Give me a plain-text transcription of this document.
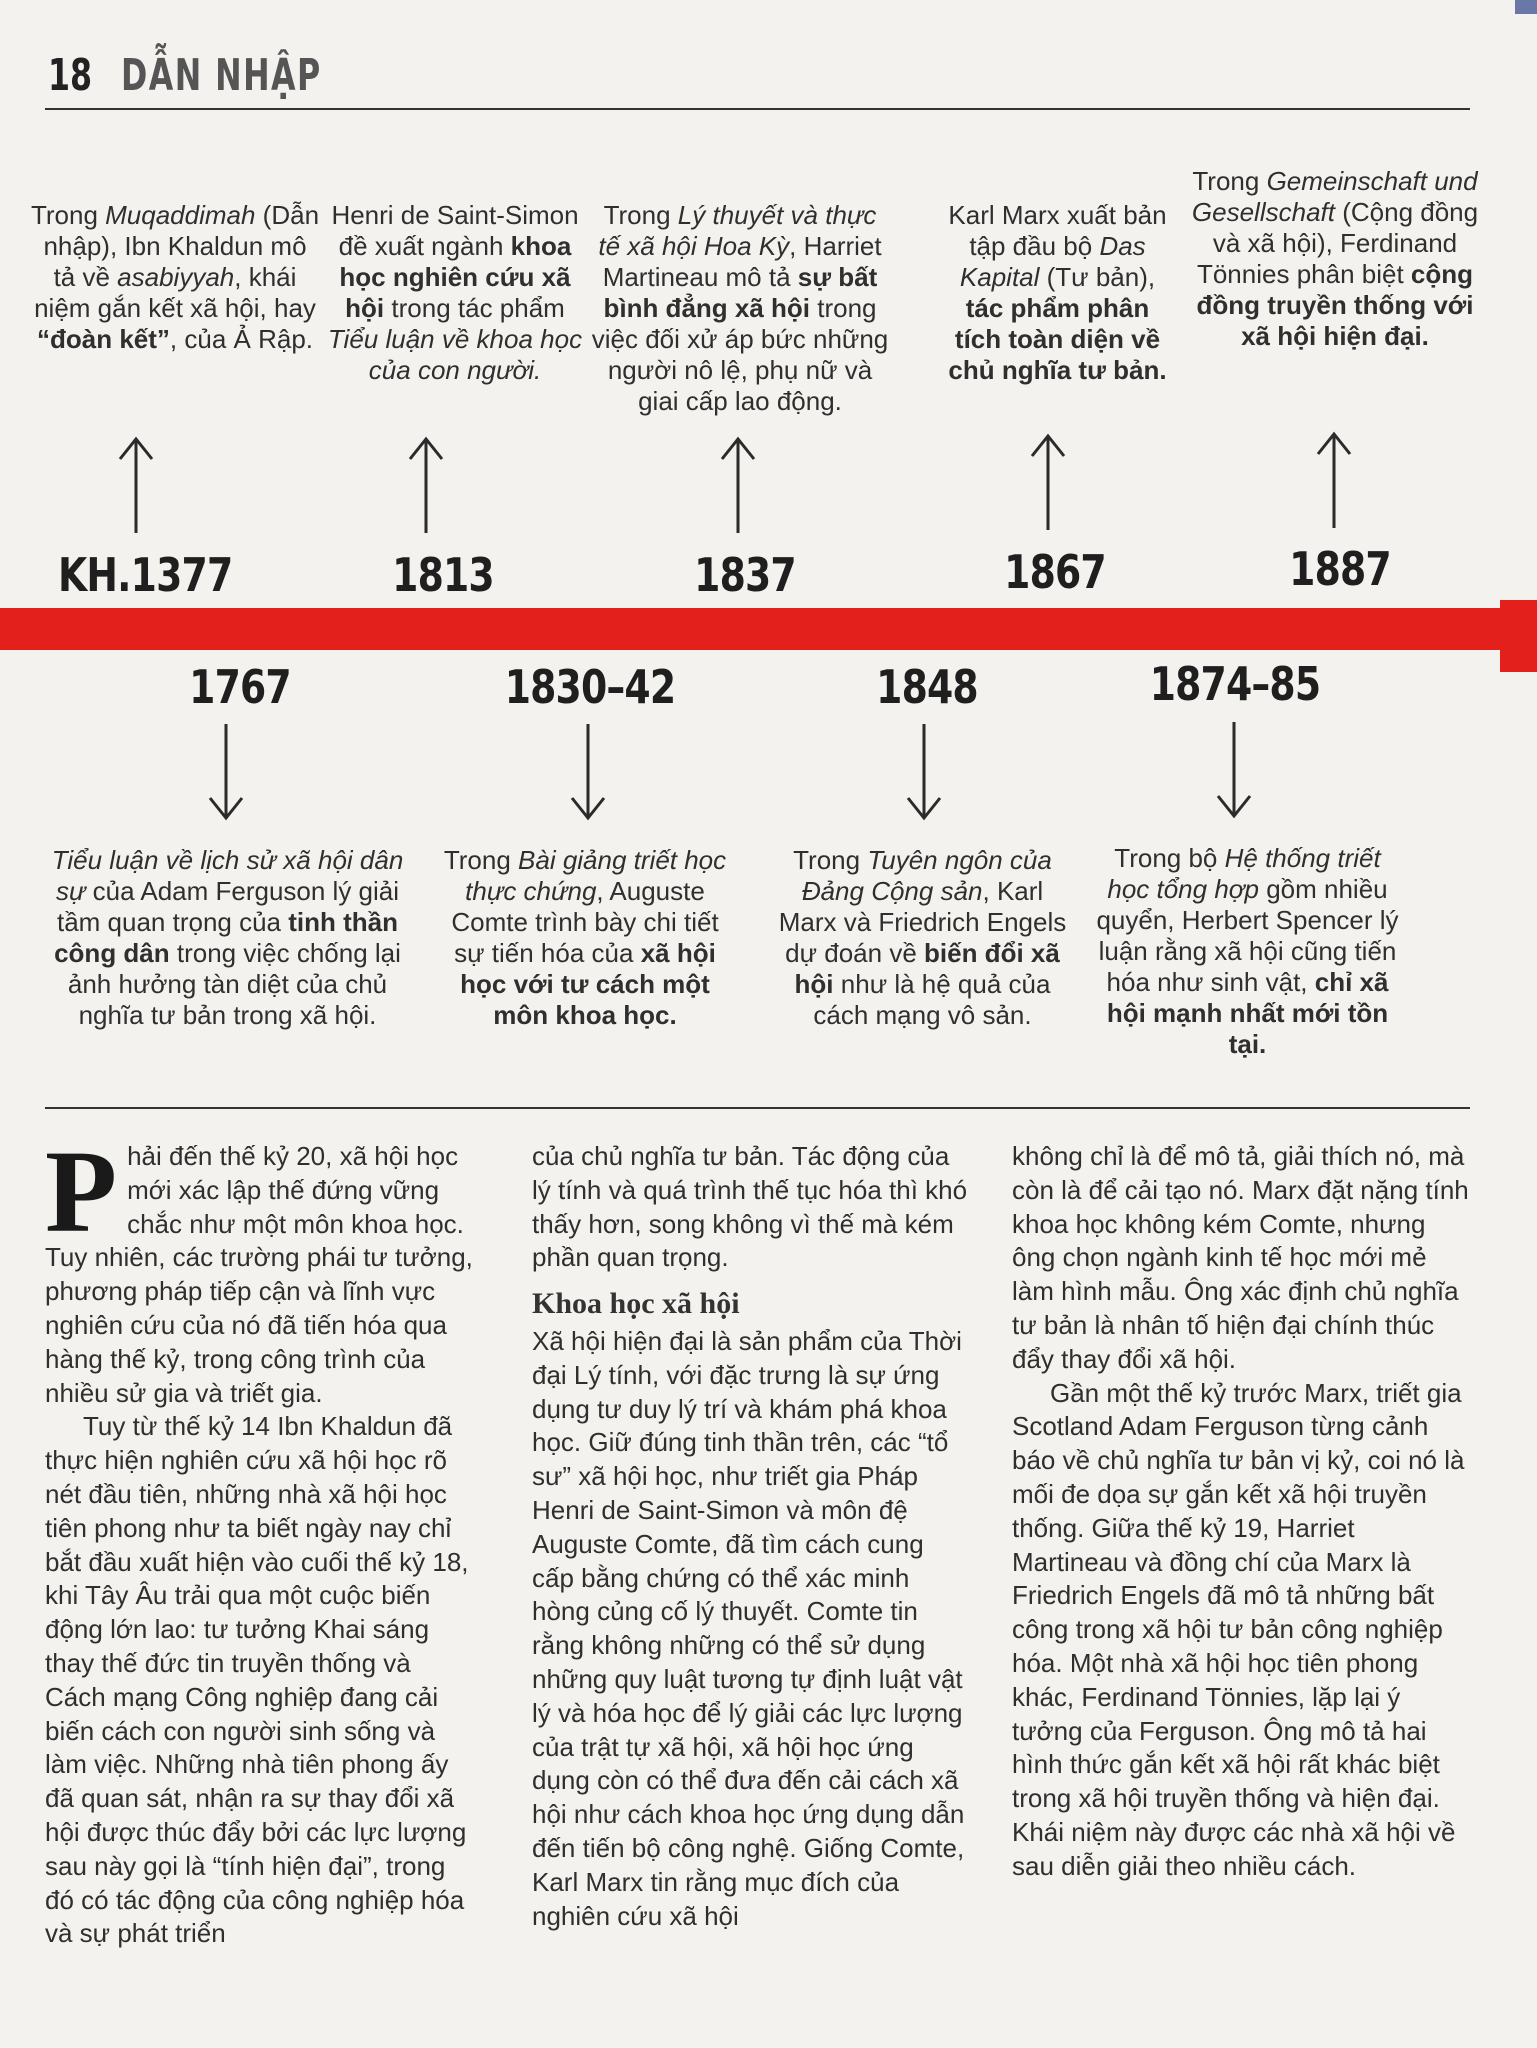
18 DẪN NHẬP
Trong Muqaddimah (Dẫn nhập), Ibn Khaldun mô tả về asabiyyah, khái niệm gắn kết xã hội, hay “đoàn kết”, của Ả Rập.
Henri de Saint-Simon đề xuất ngành khoa học nghiên cứu xã hội trong tác phẩm Tiểu luận về khoa học của con người.
Trong Lý thuyết và thực tế xã hội Hoa Kỳ, Harriet Martineau mô tả sự bất bình đẳng xã hội trong việc đối xử áp bức những người nô lệ, phụ nữ và giai cấp lao động.
Karl Marx xuất bản tập đầu bộ Das Kapital (Tư bản), tác phẩm phân tích toàn diện về chủ nghĩa tư bản.
Trong Gemeinschaft und Gesellschaft (Cộng đồng và xã hội), Ferdinand Tönnies phân biệt cộng đồng truyền thống với xã hội hiện đại.
KH.1377	1813	1837	1867	1887
1767	1830–42	1848	1874–85
Tiểu luận về lịch sử xã hội dân sự của Adam Ferguson lý giải tầm quan trọng của tinh thần công dân trong việc chống lại ảnh hưởng tàn diệt của chủ nghĩa tư bản trong xã hội.
Trong Bài giảng triết học thực chứng, Auguste Comte trình bày chi tiết sự tiến hóa của xã hội học với tư cách một môn khoa học.
Trong Tuyên ngôn của Đảng Cộng sản, Karl Marx và Friedrich Engels dự đoán về biến đổi xã hội như là hệ quả của cách mạng vô sản.
Trong bộ Hệ thống triết học tổng hợp gồm nhiều quyển, Herbert Spencer lý luận rằng xã hội cũng tiến hóa như sinh vật, chỉ xã hội mạnh nhất mới tồn tại.
P hải đến thế kỷ 20, xã hội học mới xác lập thế đứng vững chắc như một môn khoa học. Tuy nhiên, các trường phái tư tưởng, phương pháp tiếp cận và lĩnh vực nghiên cứu của nó đã tiến hóa qua hàng thế kỷ, trong công trình của nhiều sử gia và triết gia.

Tuy từ thế kỷ 14 Ibn Khaldun đã thực hiện nghiên cứu xã hội học rõ nét đầu tiên, những nhà xã hội học tiên phong như ta biết ngày nay chỉ bắt đầu xuất hiện vào cuối thế kỷ 18, khi Tây Âu trải qua một cuộc biến động lớn lao: tư tưởng Khai sáng thay thế đức tin truyền thống và Cách mạng Công nghiệp đang cải biến cách con người sinh sống và làm việc. Những nhà tiên phong ấy đã quan sát, nhận ra sự thay đổi xã hội được thúc đẩy bởi các lực lượng sau này gọi là “tính hiện đại”, trong đó có tác động của công nghiệp hóa và sự phát triển

của chủ nghĩa tư bản. Tác động của lý tính và quá trình thế tục hóa thì khó thấy hơn, song không vì thế mà kém phần quan trọng.

Khoa học xã hội

Xã hội hiện đại là sản phẩm của Thời đại Lý tính, với đặc trưng là sự ứng dụng tư duy lý trí và khám phá khoa học. Giữ đúng tinh thần trên, các “tổ sư” xã hội học, như triết gia Pháp Henri de Saint-Simon và môn đệ Auguste Comte, đã tìm cách cung cấp bằng chứng có thể xác minh hòng củng cố lý thuyết. Comte tin rằng không những có thể sử dụng những quy luật tương tự định luật vật lý và hóa học để lý giải các lực lượng của trật tự xã hội, xã hội học ứng dụng còn có thể đưa đến cải cách xã hội như cách khoa học ứng dụng dẫn đến tiến bộ công nghệ. Giống Comte, Karl Marx tin rằng mục đích của nghiên cứu xã hội

không chỉ là để mô tả, giải thích nó, mà còn là để cải tạo nó. Marx đặt nặng tính khoa học không kém Comte, nhưng ông chọn ngành kinh tế học mới mẻ làm hình mẫu. Ông xác định chủ nghĩa tư bản là nhân tố hiện đại chính thúc đẩy thay đổi xã hội.

Gần một thế kỷ trước Marx, triết gia Scotland Adam Ferguson từng cảnh báo về chủ nghĩa tư bản vị kỷ, coi nó là mối đe dọa sự gắn kết xã hội truyền thống. Giữa thế kỷ 19, Harriet Martineau và đồng chí của Marx là Friedrich Engels đã mô tả những bất công trong xã hội tư bản công nghiệp hóa. Một nhà xã hội học tiên phong khác, Ferdinand Tönnies, lặp lại ý tưởng của Ferguson. Ông mô tả hai hình thức gắn kết xã hội rất khác biệt trong xã hội truyền thống và hiện đại. Khái niệm này được các nhà xã hội về sau diễn giải theo nhiều cách.
